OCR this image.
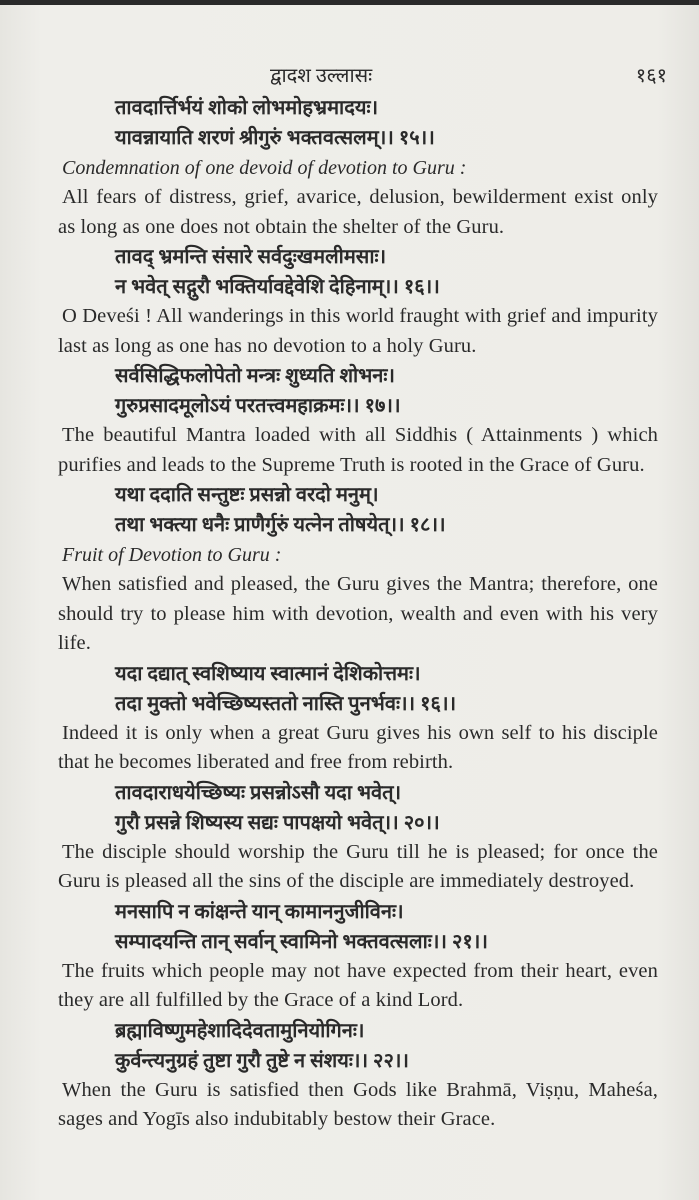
द्वादश उल्लासः	१६१
तावदार्त्तिर्भयं शोको लोभमोहभ्रमादयः।
यावन्नायाति शरणं श्रीगुरुं भक्तवत्सलम्।। १५।।
Condemnation of one devoid of devotion to Guru :
All fears of distress, grief, avarice, delusion, bewilderment exist only as long as one does not obtain the shelter of the Guru.
तावद् भ्रमन्ति संसारे सर्वदुःखमलीमसाः।
न भवेत् सद्गुरौ भक्तिर्यावद्देवेशि देहिनाम्।। १६।।
O Deveśi ! All wanderings in this world fraught with grief and impurity last as long as one has no devotion to a holy Guru.
सर्वसिद्धिफलोपेतो मन्त्रः शुध्यति शोभनः।
गुरुप्रसादमूलोऽयं परतत्त्वमहाक्रमः।। १७।।
The beautiful Mantra loaded with all Siddhis ( Attainments ) which purifies and leads to the Supreme Truth is rooted in the Grace of Guru.
यथा ददाति सन्तुष्टः प्रसन्नो वरदो मनुम्।
तथा भक्त्या धनैः प्राणैर्गुरुं यत्नेन तोषयेत्।। १८।।
Fruit of Devotion to Guru :
When satisfied and pleased, the Guru gives the Mantra; therefore, one should try to please him with devotion, wealth and even with his very life.
यदा दद्यात् स्वशिष्याय स्वात्मानं देशिकोत्तमः।
तदा मुक्तो भवेच्छिष्यस्ततो नास्ति पुनर्भवः।। १६।।
Indeed it is only when a great Guru gives his own self to his disciple that he becomes liberated and free from rebirth.
तावदाराधयेच्छिष्यः प्रसन्नोऽसौ यदा भवेत्।
गुरौ प्रसन्ने शिष्यस्य सद्यः पापक्षयो भवेत्।। २०।।
The disciple should worship the Guru till he is pleased; for once the Guru is pleased all the sins of the disciple are immediately destroyed.
मनसापि न कांक्षन्ते यान् कामाननुजीविनः।
सम्पादयन्ति तान् सर्वान् स्वामिनो भक्तवत्सलाः।। २१।।
The fruits which people may not have expected from their heart, even they are all fulfilled by the Grace of a kind Lord.
ब्रह्माविष्णुमहेशादिदेवतामुनियोगिनः।
कुर्वन्त्यनुग्रहं तुष्टा गुरौ तुष्टे न संशयः।। २२।।
When the Guru is satisfied then Gods like Brahmā, Viṣṇu, Maheśa, sages and Yogīs also indubitably bestow their Grace.
